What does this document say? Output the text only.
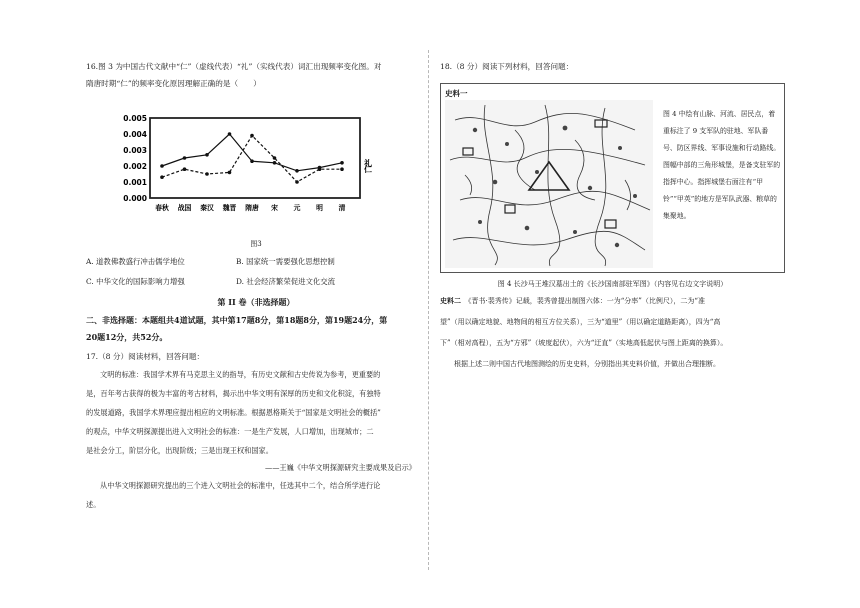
16.图 3 为中国古代文献中“仁”（虚线代表）“礼”（实线代表）词汇出现频率变化图。对

隋唐时期“仁”的频率变化原因理解正确的是（　　）

0.005
0.004
0.003
0.002
0.001
0.000
春秋 战国 秦汉 魏晋 隋唐 宋 元 明 清
仁
礼

图3

A. 道教佛教盛行冲击儒学地位	B. 国家统一需要强化思想控制
C. 中华文化的国际影响力增强	D. 社会经济繁荣促进文化交流

第 II 卷（非选择题）

二、非选择题：本题组共4道试题，其中第17题8分，第18题8分，第19题24分，第

20题12分，共52分。

17.（8 分）阅读材料，回答问题：

文明的标准：我国学术界有马克思主义的指导，有历史文献和古史传说为参考，更重要的

是，百年考古获得的极为丰富的考古材料，揭示出中华文明有深厚的历史和文化积淀，有独特

的发展道路，我国学术界理应提出相应的文明标准。根据恩格斯关于“国家是文明社会的概括”

的观点，中华文明探源提出进入文明社会的标准：一是生产发展，人口增加，出现城市；二

是社会分工，阶层分化，出现阶级；三是出现王权和国家。

——王巍《中华文明探源研究主要成果及启示》

从中华文明探源研究提出的三个进入文明社会的标准中，任选其中二个，结合所学进行论

述。

18.（8 分）阅读下列材料，回答问题：

史料一

图 4 中绘有山脉、河流、居民点，着重标注了 9 支军队的驻地、军队番号、防区界线、军事设施和行动路线。图幅中部的三角形城堡，是备支驻军的指挥中心。指挥城堡右面注有“甲铃”“甲英”的地方是军队武器、粮草的集聚地。

图 4 长沙马王堆汉墓出土的《长沙国南部驻军图》（内容见右边文字说明）

史料二　 《晋书·裴秀传》记载，裴秀曾提出制图六体：一为“分率”（比例尺），二为“准

望”（用以确定地貌、地物间的相互方位关系），三为“道里”（用以确定道路距离），四为“高

下”（相对高程），五为“方邪”（坡度起伏），六为“迂直”（实地高低起伏与图上距离的换算）。

根据上述二则中国古代地图测绘的历史史料，分别指出其史料价值，并做出合理推断。
